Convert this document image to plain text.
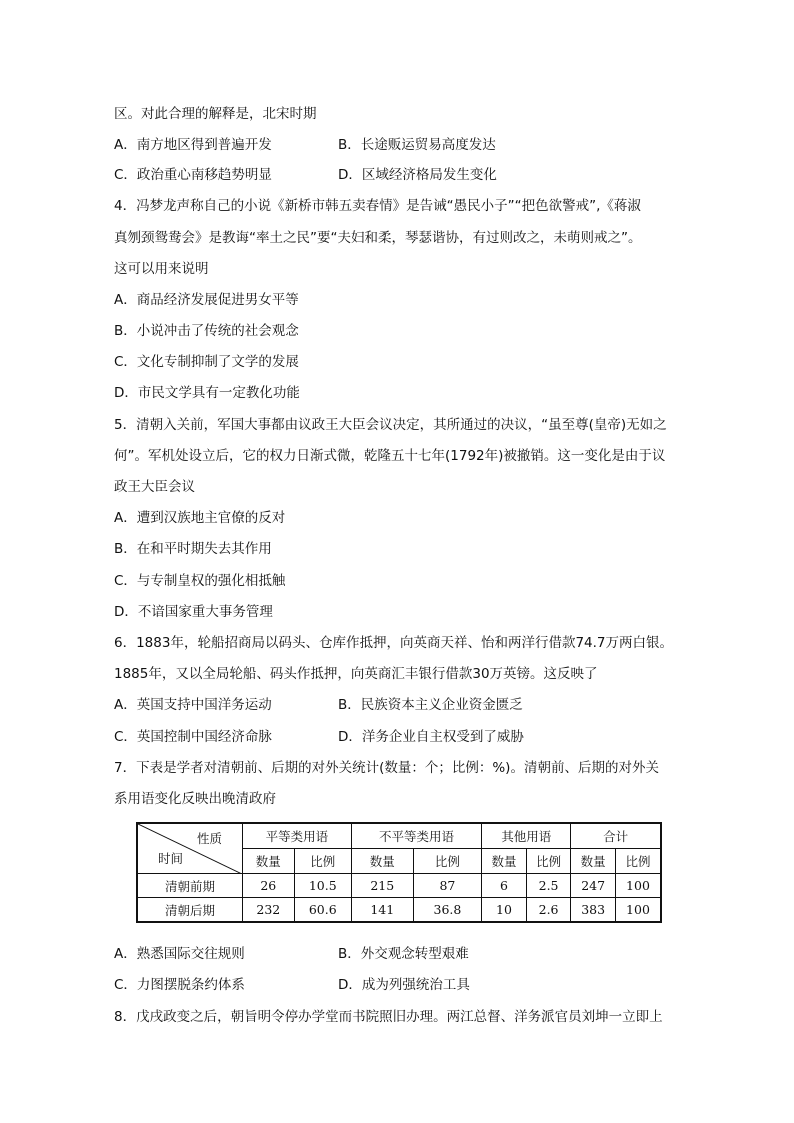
区。对此合理的解释是，北宋时期
A．南方地区得到普遍开发	B．长途贩运贸易高度发达
C．政治重心南移趋势明显	D．区域经济格局发生变化
4．冯梦龙声称自己的小说《新桥市韩五卖春情》是告诫“愚民小子”“把色欲警戒”,《蒋淑
真刎颈鸳鸯会》是教诲“率土之民”要“夫妇和柔，琴瑟谐协，有过则改之，未萌则戒之”。
这可以用来说明
A．商品经济发展促进男女平等
B．小说冲击了传统的社会观念
C．文化专制抑制了文学的发展
D．市民文学具有一定教化功能
5．清朝入关前，军国大事都由议政王大臣会议决定，其所通过的决议，“虽至尊(皇帝)无如之
何”。军机处设立后，它的权力日渐式微，乾隆五十七年(1792年)被撤销。这一变化是由于议
政王大臣会议
A．遭到汉族地主官僚的反对
B．在和平时期失去其作用
C．与专制皇权的强化相抵触
D．不谙国家重大事务管理
6．1883年，轮船招商局以码头、仓库作抵押，向英商天祥、怡和两洋行借款74.7万两白银。
1885年，又以全局轮船、码头作抵押，向英商汇丰银行借款30万英镑。这反映了
A．英国支持中国洋务运动	B．民族资本主义企业资金匮乏
C．英国控制中国经济命脉	D．洋务企业自主权受到了威胁
7．下表是学者对清朝前、后期的对外关统计(数量：个；比例：%)。清朝前、后期的对外关
系用语变化反映出晚清政府
性质
时间	平等类用语		不平等类用语		其他用语		合计	
	数量	比例	数量	比例	数量	比例	数量	比例
清朝前期	26	10.5	215	87	6	2.5	247	100
清朝后期	232	60.6	141	36.8	10	2.6	383	100
A．熟悉国际交往规则	B．外交观念转型艰难
C．力图摆脱条约体系	D．成为列强统治工具
8．戊戌政变之后，朝旨明令停办学堂而书院照旧办理。两江总督、洋务派官员刘坤一立即上
